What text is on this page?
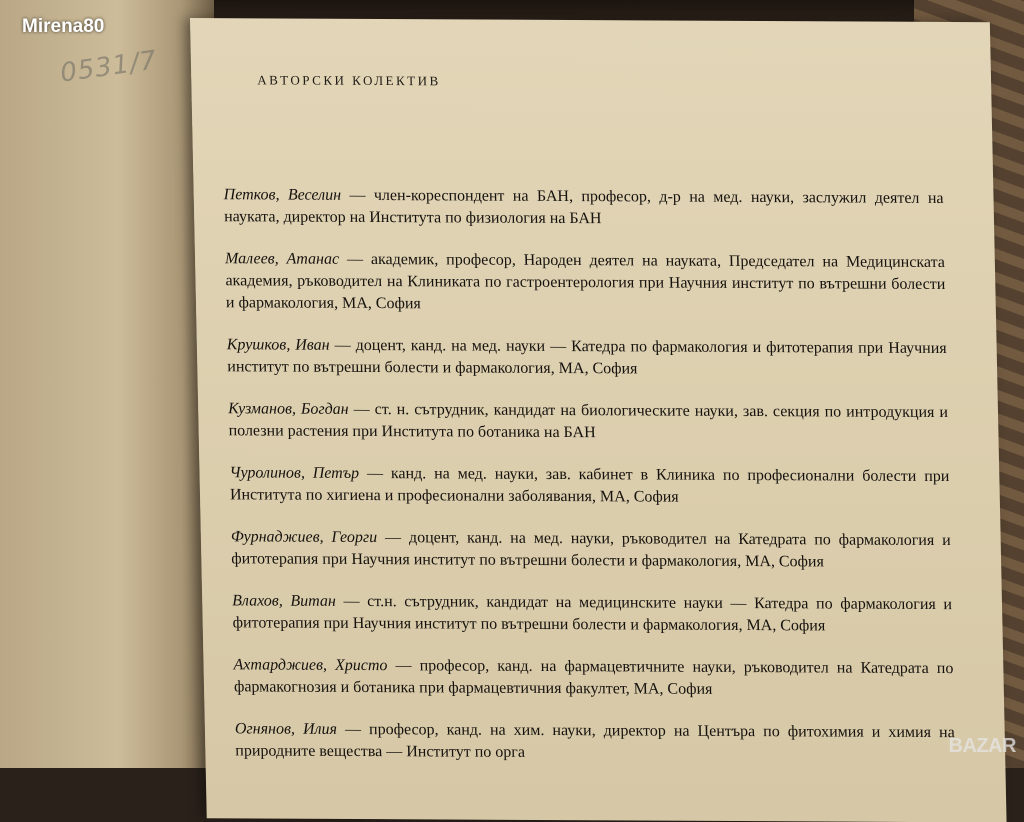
0531/7	АВТОРСКИ КОЛЕКТИВ

Петков, Веселин — член-кореспондент на БАН, професор, д-р на мед. науки, заслужил деятел на науката, директор на Института по физиология на БАН

Малеев, Атанас — академик, професор, Народен деятел на науката, Председател на Медицинската академия, ръководител на Клиниката по гастроентерология при Научния институт по вътрешни болести и фармакология, МА, София

Крушков, Иван — доцент, канд. на мед. науки — Катедра по фармакология и фитотерапия при Научния институт по вътрешни болести и фармакология, МА, София

Кузманов, Богдан — ст. н. сътрудник, кандидат на биологическите науки, зав. секция по интродукция и полезни растения при Института по ботаника на БАН

Чуролинов, Петър — канд. на мед. науки, зав. кабинет в Клиника по професионални болести при Института по хигиена и професионални заболявания, МА, София

Фурнаджиев, Георги — доцент, канд. на мед. науки, ръководител на Катедрата по фармакология и фитотерапия при Научния институт по вътрешни болести и фармакология, МА, София

Влахов, Витан — ст.н. сътрудник, кандидат на медицинските науки — Катедра по фармакология и фитотерапия при Научния институт по вътрешни болести и фармакология, МА, София

Ахтарджиев, Христо — професор, канд. на фармацевтичните науки, ръководител на Катедрата по фармакогнозия и ботаника при фармацевтичния факултет, МА, София

Огнянов, Илия — професор, канд. на хим. науки, директор на Центъра по фитохимия и химия на природните вещества — Институт по орга

Mirena80
BAZAR
